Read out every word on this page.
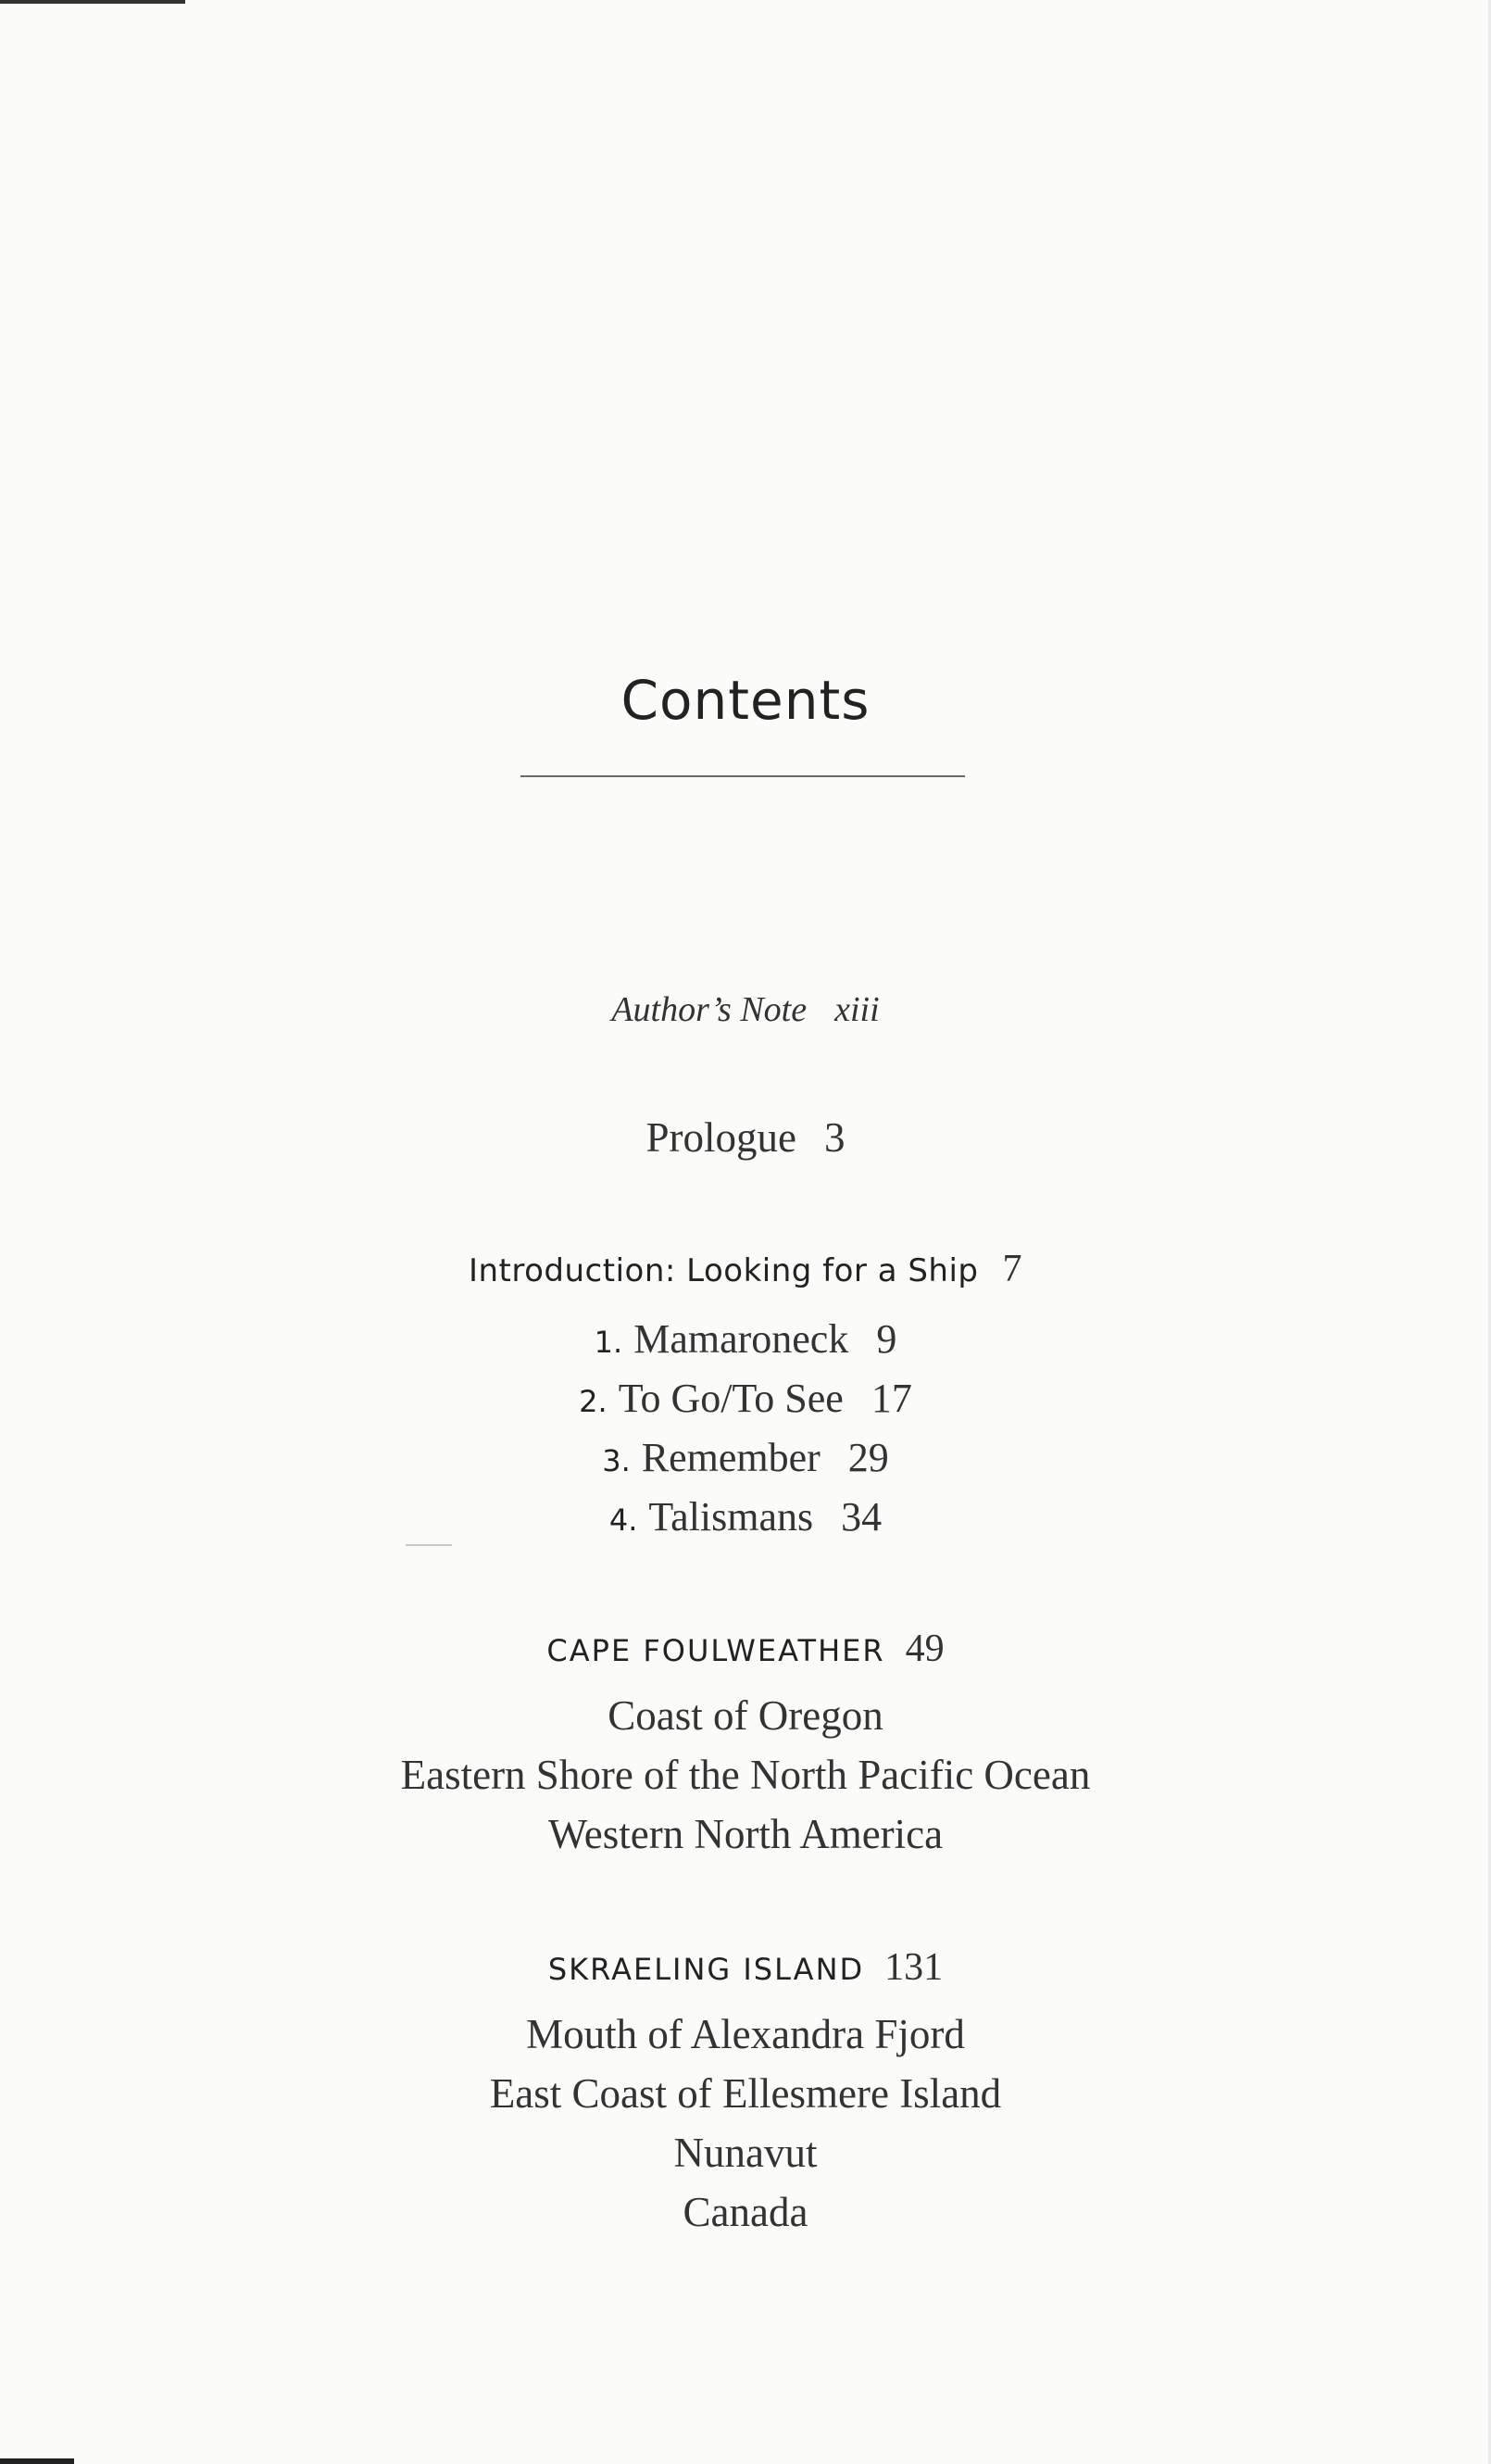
Contents
Author’s Note xiii
Prologue 3
Introduction: Looking for a Ship 7
1. Mamaroneck 9
2. To Go/To See 17
3. Remember 29
4. Talismans 34
CAPE FOULWEATHER 49
Coast of Oregon
Eastern Shore of the North Pacific Ocean
Western North America
SKRAELING ISLAND 131
Mouth of Alexandra Fjord
East Coast of Ellesmere Island
Nunavut
Canada
